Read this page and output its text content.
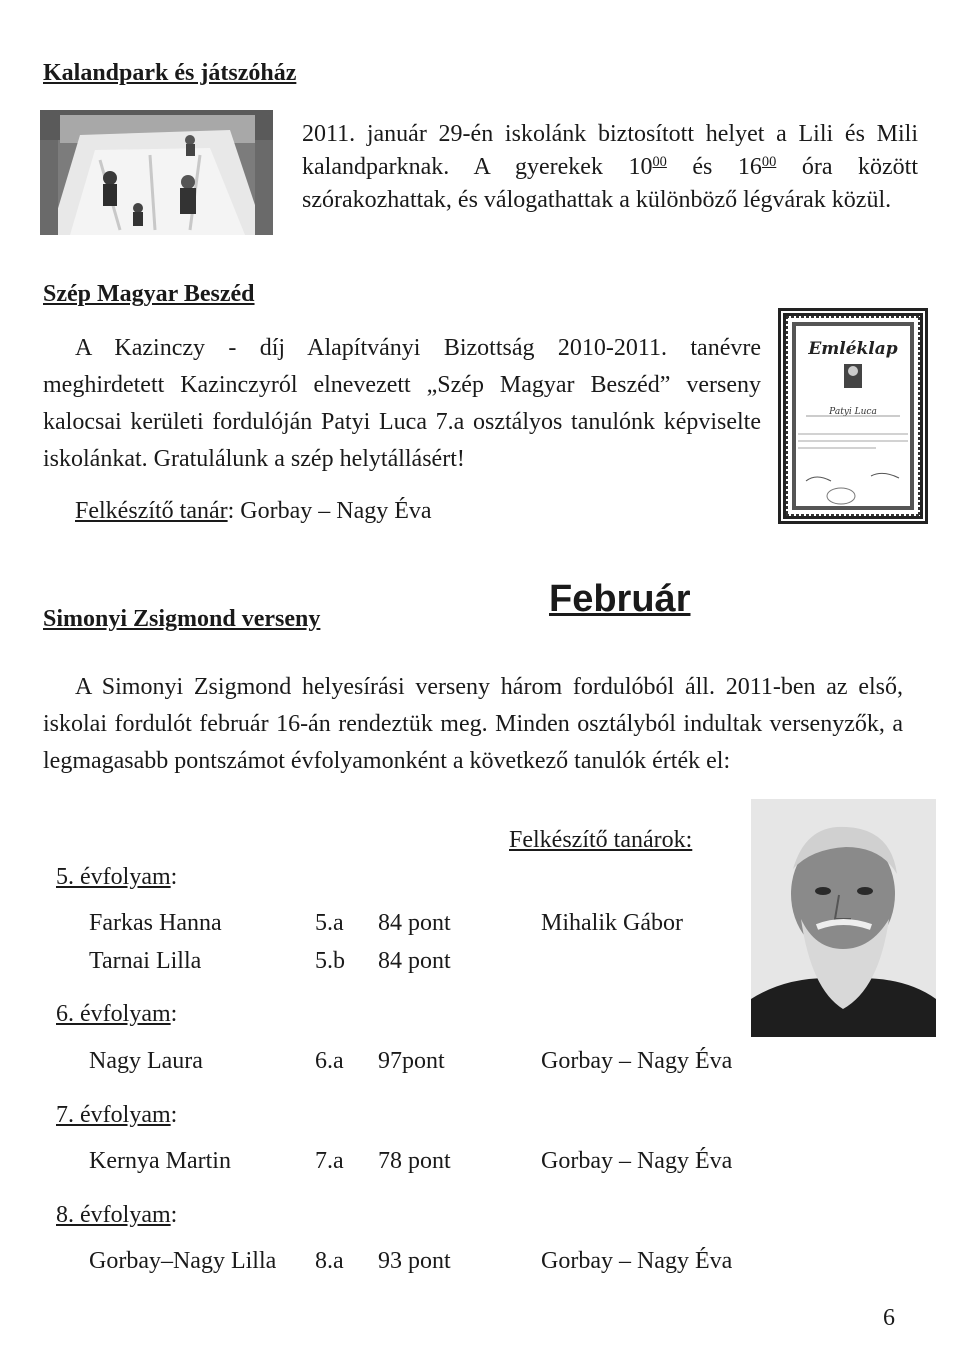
Kalandpark és játszóház
2011. január 29-én iskolánk biztosított helyet a Lili és Mili kalandparknak. A gyerekek $10^{00}$ és $16^{00}$ óra között szórakozhattak, és válogathattak a különböző légvárak közül.
Szép Magyar Beszéd
A Kazinczy - díj Alapítványi Bizottság 2010-2011. tanévre meghirdetett Kazinczyról elnevezett „Szép Magyar Beszéd” verseny kalocsai kerületi fordulóján Patyi Luca 7.a osztályos tanulónk képviselte iskolánkat. Gratulálunk a szép helytállásért!
Felkészítő tanár: Gorbay – Nagy Éva
Emléklap
Patyi Luca
Simonyi Zsigmond verseny	Február
A Simonyi Zsigmond helyesírási verseny három fordulóból áll. 2011-ben az első, iskolai fordulót február 16-án rendeztük meg. Minden osztályból indultak versenyzők, a legmagasabb pontszámot évfolyamonként a következő tanulók érték el:
Felkészítő tanárok:
5. évfolyam:
Farkas Hanna	5.a 84 pont	Mihalik Gábor
Tarnai Lilla	5.b 84 pont
6. évfolyam:
Nagy Laura	6.a 97pont	Gorbay – Nagy Éva
7. évfolyam:
Kernya Martin	7.a 78 pont	Gorbay – Nagy Éva
8. évfolyam:
Gorbay–Nagy Lilla 8.a 93 pont	Gorbay – Nagy Éva
6
